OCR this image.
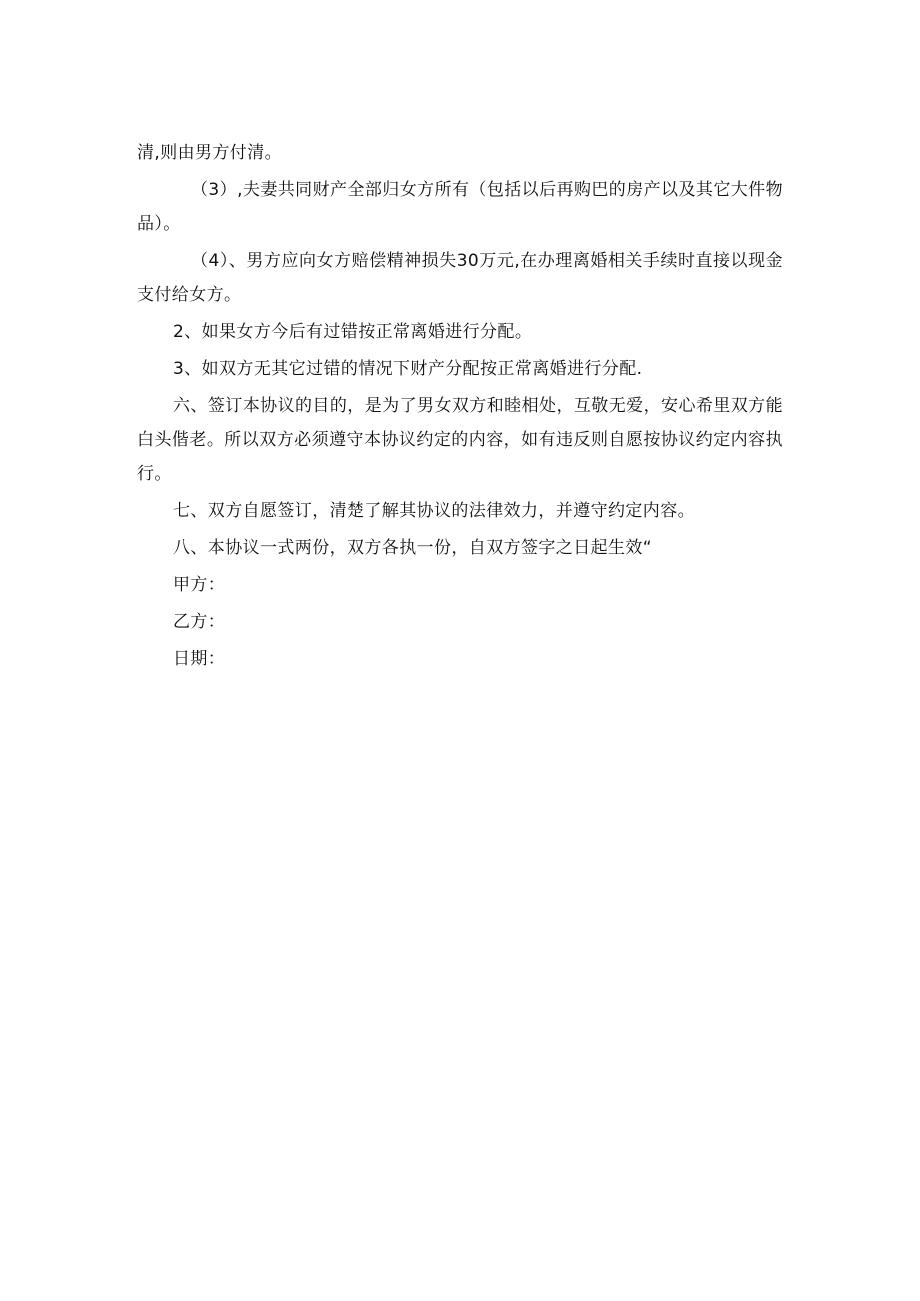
清,则由男方付清。

（3）,夫妻共同财产全部归女方所有（包括以后再购巴的房产以及其它大件物品）。

（4）、男方应向女方赔偿精神损失30万元,在办理离婚相关手续时直接以现金支付给女方。

2、如果女方今后有过错按正常离婚进行分配。

3、如双方无其它过错的情况下财产分配按正常离婚进行分配.

六、签订本协议的目的，是为了男女双方和睦相处，互敬无爱，安心希里双方能白头偕老。所以双方必须遵守本协议约定的内容，如有违反则自愿按协议约定内容执行。

七、双方自愿签订，清楚了解其协议的法律效力，并遵守约定内容。

八、本协议一式两份，双方各执一份，自双方签字之日起生效“

甲方：

乙方：

日期：
